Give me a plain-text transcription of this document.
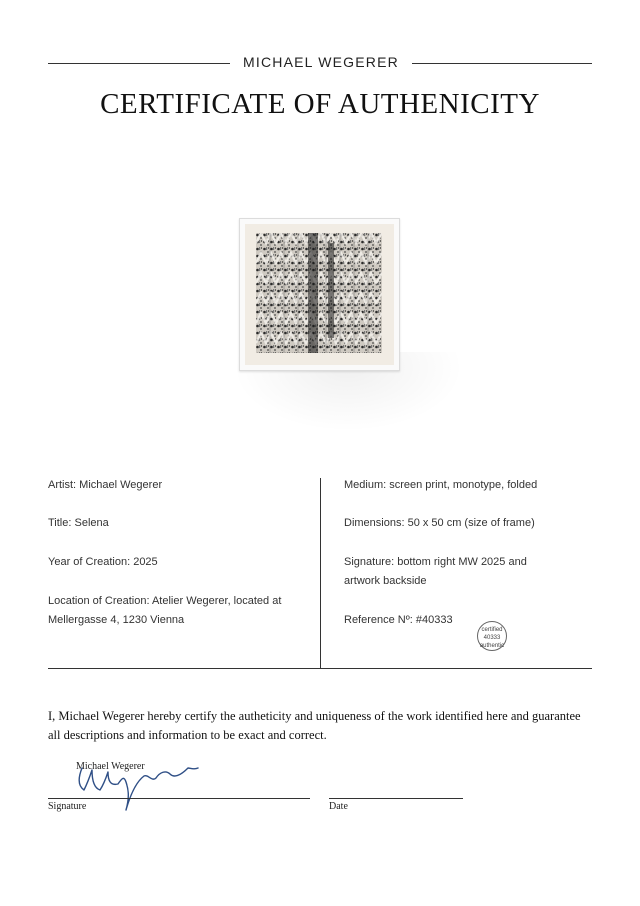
MICHAEL WEGERER
CERTIFICATE OF AUTHENICITY
Artist: Michael Wegerer
Title: Selena
Year of Creation: 2025
Location of Creation: Atelier Wegerer, located at Mellergasse 4, 1230 Vienna
Medium: screen print, monotype, folded
Dimensions: 50 x 50 cm (size of frame)
Signature: bottom right MW 2025 and artwork backside
Reference Nº: #40333
certified
40333
authentic
I, Michael Wegerer hereby certify the autheticity and uniqueness of the work identified here and guarantee all descriptions and information to be exact and correct.
Michael Wegerer
Signature	Date
